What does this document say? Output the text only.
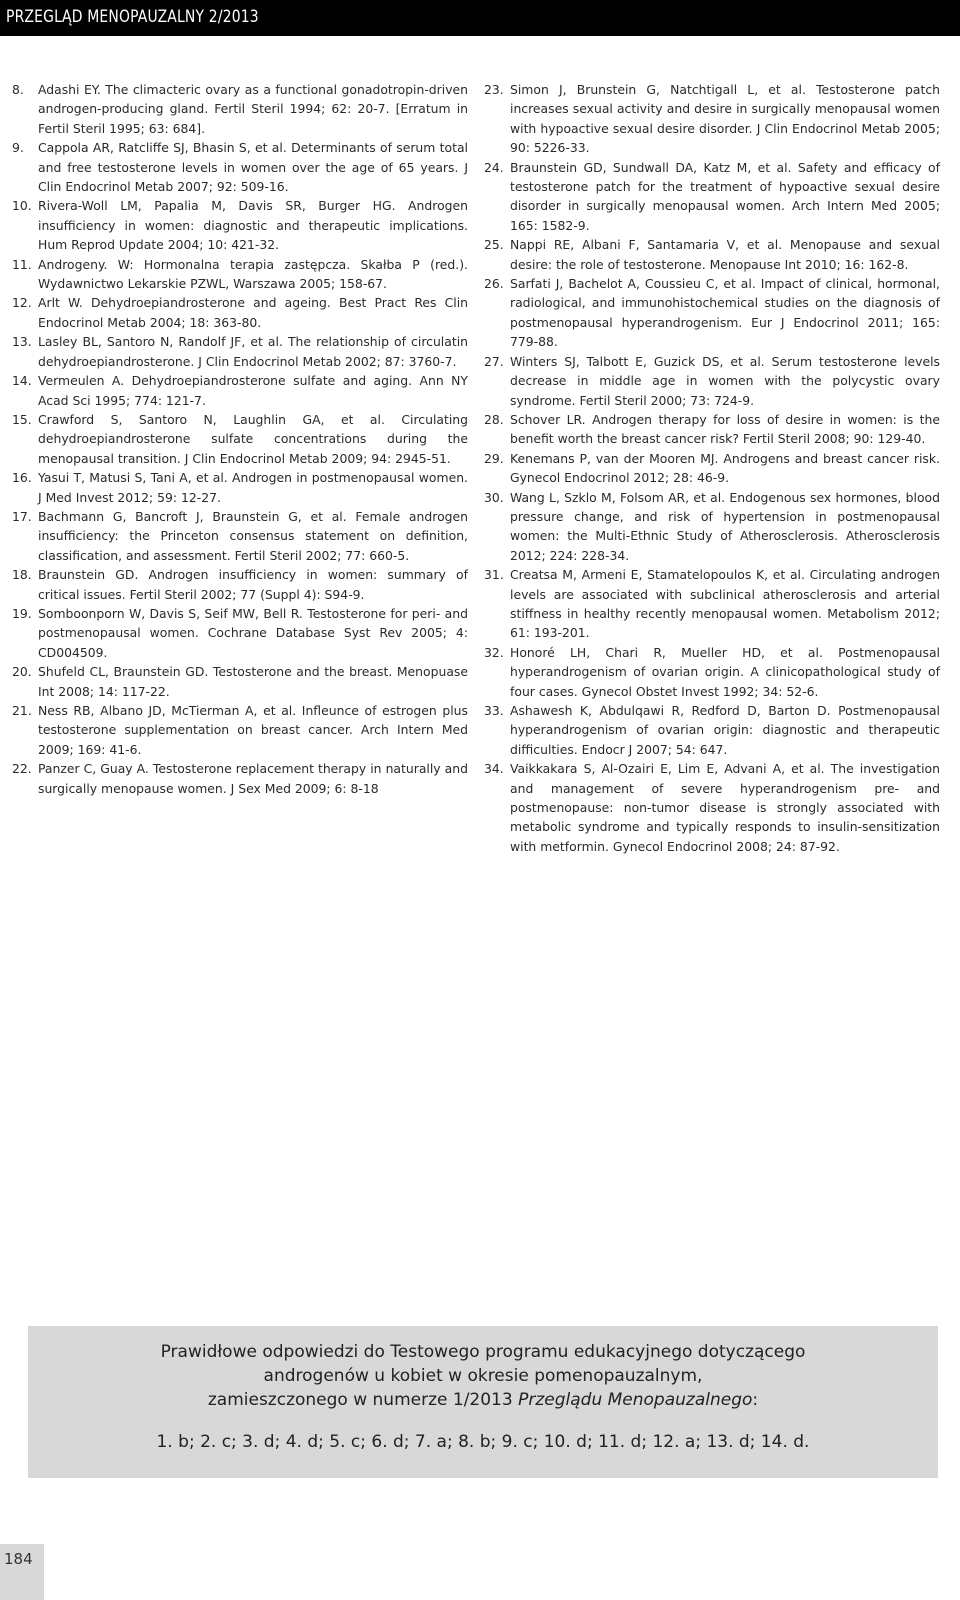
PRZEGLĄD MENOPAUZALNY 2/2013
8. Adashi EY. The climacteric ovary as a functional gonadotropin-driven androgen-producing gland. Fertil Steril 1994; 62: 20-7. [Erratum in Fertil Steril 1995; 63: 684].
9. Cappola AR, Ratcliffe SJ, Bhasin S, et al. Determinants of serum total and free testosterone levels in women over the age of 65 years. J Clin Endocrinol Metab 2007; 92: 509-16.
10. Rivera-Woll LM, Papalia M, Davis SR, Burger HG. Androgen insufficiency in women: diagnostic and therapeutic implications. Hum Reprod Update 2004; 10: 421-32.
11. Androgeny. W: Hormonalna terapia zastępcza. Skałba P (red.). Wydawnictwo Lekarskie PZWL, Warszawa 2005; 158-67.
12. Arlt W. Dehydroepiandrosterone and ageing. Best Pract Res Clin Endocrinol Metab 2004; 18: 363-80.
13. Lasley BL, Santoro N, Randolf JF, et al. The relationship of circulatin dehydroepiandrosterone. J Clin Endocrinol Metab 2002; 87: 3760-7.
14. Vermeulen A. Dehydroepiandrosterone sulfate and aging. Ann NY Acad Sci 1995; 774: 121-7.
15. Crawford S, Santoro N, Laughlin GA, et al. Circulating dehydroepiandrosterone sulfate concentrations during the menopausal transition. J Clin Endocrinol Metab 2009; 94: 2945-51.
16. Yasui T, Matusi S, Tani A, et al. Androgen in postmenopausal women. J Med Invest 2012; 59: 12-27.
17. Bachmann G, Bancroft J, Braunstein G, et al. Female androgen insufficiency: the Princeton consensus statement on definition, classification, and assessment. Fertil Steril 2002; 77: 660-5.
18. Braunstein GD. Androgen insufficiency in women: summary of critical issues. Fertil Steril 2002; 77 (Suppl 4): S94-9.
19. Somboonporn W, Davis S, Seif MW, Bell R. Testosterone for peri- and postmenopausal women. Cochrane Database Syst Rev 2005; 4: CD004509.
20. Shufeld CL, Braunstein GD. Testosterone and the breast. Menopuase Int 2008; 14: 117-22.
21. Ness RB, Albano JD, McTierman A, et al. Infleunce of estrogen plus testosterone supplementation on breast cancer. Arch Intern Med 2009; 169: 41-6.
22. Panzer C, Guay A. Testosterone replacement therapy in naturally and surgically menopause women. J Sex Med 2009; 6: 8-18
23. Simon J, Brunstein G, Natchtigall L, et al. Testosterone patch increases sexual activity and desire in surgically menopausal women with hypoactive sexual desire disorder. J Clin Endocrinol Metab 2005; 90: 5226-33.
24. Braunstein GD, Sundwall DA, Katz M, et al. Safety and efficacy of testosterone patch for the treatment of hypoactive sexual desire disorder in surgically menopausal women. Arch Intern Med 2005; 165: 1582-9.
25. Nappi RE, Albani F, Santamaria V, et al. Menopause and sexual desire: the role of testosterone. Menopause Int 2010; 16: 162-8.
26. Sarfati J, Bachelot A, Coussieu C, et al. Impact of clinical, hormonal, radiological, and immunohistochemical studies on the diagnosis of postmenopausal hyperandrogenism. Eur J Endocrinol 2011; 165: 779-88.
27. Winters SJ, Talbott E, Guzick DS, et al. Serum testosterone levels decrease in middle age in women with the polycystic ovary syndrome. Fertil Steril 2000; 73: 724-9.
28. Schover LR. Androgen therapy for loss of desire in women: is the benefit worth the breast cancer risk? Fertil Steril 2008; 90: 129-40.
29. Kenemans P, van der Mooren MJ. Androgens and breast cancer risk. Gynecol Endocrinol 2012; 28: 46-9.
30. Wang L, Szklo M, Folsom AR, et al. Endogenous sex hormones, blood pressure change, and risk of hypertension in postmenopausal women: the Multi-Ethnic Study of Atherosclerosis. Atherosclerosis 2012; 224: 228-34.
31. Creatsa M, Armeni E, Stamatelopoulos K, et al. Circulating androgen levels are associated with subclinical atherosclerosis and arterial stiffness in healthy recently menopausal women. Metabolism 2012; 61: 193-201.
32. Honoré LH, Chari R, Mueller HD, et al. Postmenopausal hyperandrogenism of ovarian origin. A clinicopathological study of four cases. Gynecol Obstet Invest 1992; 34: 52-6.
33. Ashawesh K, Abdulqawi R, Redford D, Barton D. Postmenopausal hyperandrogenism of ovarian origin: diagnostic and therapeutic difficulties. Endocr J 2007; 54: 647.
34. Vaikkakara S, Al-Ozairi E, Lim E, Advani A, et al. The investigation and management of severe hyperandrogenism pre- and postmenopause: non-tumor disease is strongly associated with metabolic syndrome and typically responds to insulin-sensitization with metformin. Gynecol Endocrinol 2008; 24: 87-92.
Prawidłowe odpowiedzi do Testowego programu edukacyjnego dotyczącego
androgenów u kobiet w okresie pomenopauzalnym,
zamieszczonego w numerze 1/2013 Przeglądu Menopauzalnego:
1. b; 2. c; 3. d; 4. d; 5. c; 6. d; 7. a; 8. b; 9. c; 10. d; 11. d; 12. a; 13. d; 14. d.
184
